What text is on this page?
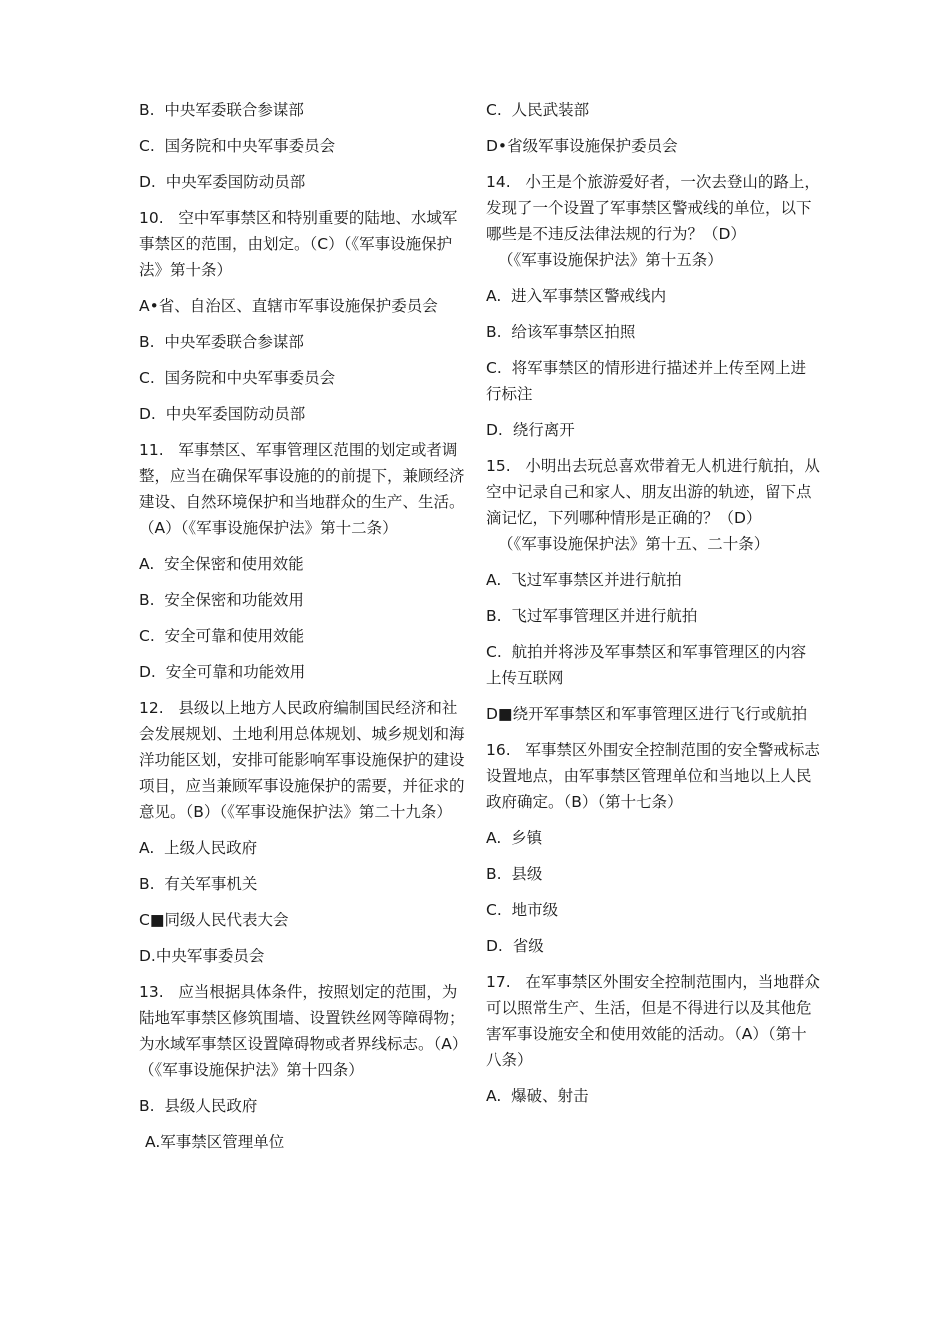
B.  中央军委联合参谋部

C.  国务院和中央军事委员会

D.  中央军委国防动员部

10.   空中军事禁区和特别重要的陆地、水域军事禁区的范围，由划定。（C）（《军事设施保护法》第十条）

A•省、自治区、直辖市军事设施保护委员会

B.  中央军委联合参谋部

C.  国务院和中央军事委员会

D.  中央军委国防动员部

11.   军事禁区、军事管理区范围的划定或者调整，应当在确保军事设施的的前提下，兼顾经济建设、自然环境保护和当地群众的生产、生活。（A）（《军事设施保护法》第十二条）

A.  安全保密和使用效能

B.  安全保密和功能效用

C.  安全可靠和使用效能

D.  安全可靠和功能效用

12.   县级以上地方人民政府编制国民经济和社会发展规划、土地利用总体规划、城乡规划和海洋功能区划，安排可能影响军事设施保护的建设项目，应当兼顾军事设施保护的需要，并征求的意见。（B）（《军事设施保护法》第二十九条）

A.  上级人民政府

B.  有关军事机关

C■同级人民代表大会

D.中央军事委员会

13.   应当根据具体条件，按照划定的范围，为陆地军事禁区修筑围墙、设置铁丝网等障碍物；为水域军事禁区设置障碍物或者界线标志。（A）（《军事设施保护法》第十四条）

B.  县级人民政府

A.军事禁区管理单位

C.  人民武装部

D•省级军事设施保护委员会

14.   小王是个旅游爱好者，一次去登山的路上，发现了一个设置了军事禁区警戒线的单位，以下哪些是不违反法律法规的行为？（D）

（《军事设施保护法》第十五条）

A.  进入军事禁区警戒线内

B.  给该军事禁区拍照

C.  将军事禁区的情形进行描述并上传至网上进行标注

D.  绕行离开

15.   小明出去玩总喜欢带着无人机进行航拍，从空中记录自己和家人、朋友出游的轨迹，留下点滴记忆，下列哪种情形是正确的？（D）

（《军事设施保护法》第十五、二十条）

A.  飞过军事禁区并进行航拍

B.  飞过军事管理区并进行航拍

C.  航拍并将涉及军事禁区和军事管理区的内容上传互联网

D■绕开军事禁区和军事管理区进行飞行或航拍

16.   军事禁区外围安全控制范围的安全警戒标志设置地点，由军事禁区管理单位和当地以上人民政府确定。（B）（第十七条）

A.  乡镇

B.  县级

C.  地市级

D.  省级

17.   在军事禁区外围安全控制范围内，当地群众可以照常生产、生活，但是不得进行以及其他危害军事设施安全和使用效能的活动。（A）（第十八条）

A.  爆破、射击
